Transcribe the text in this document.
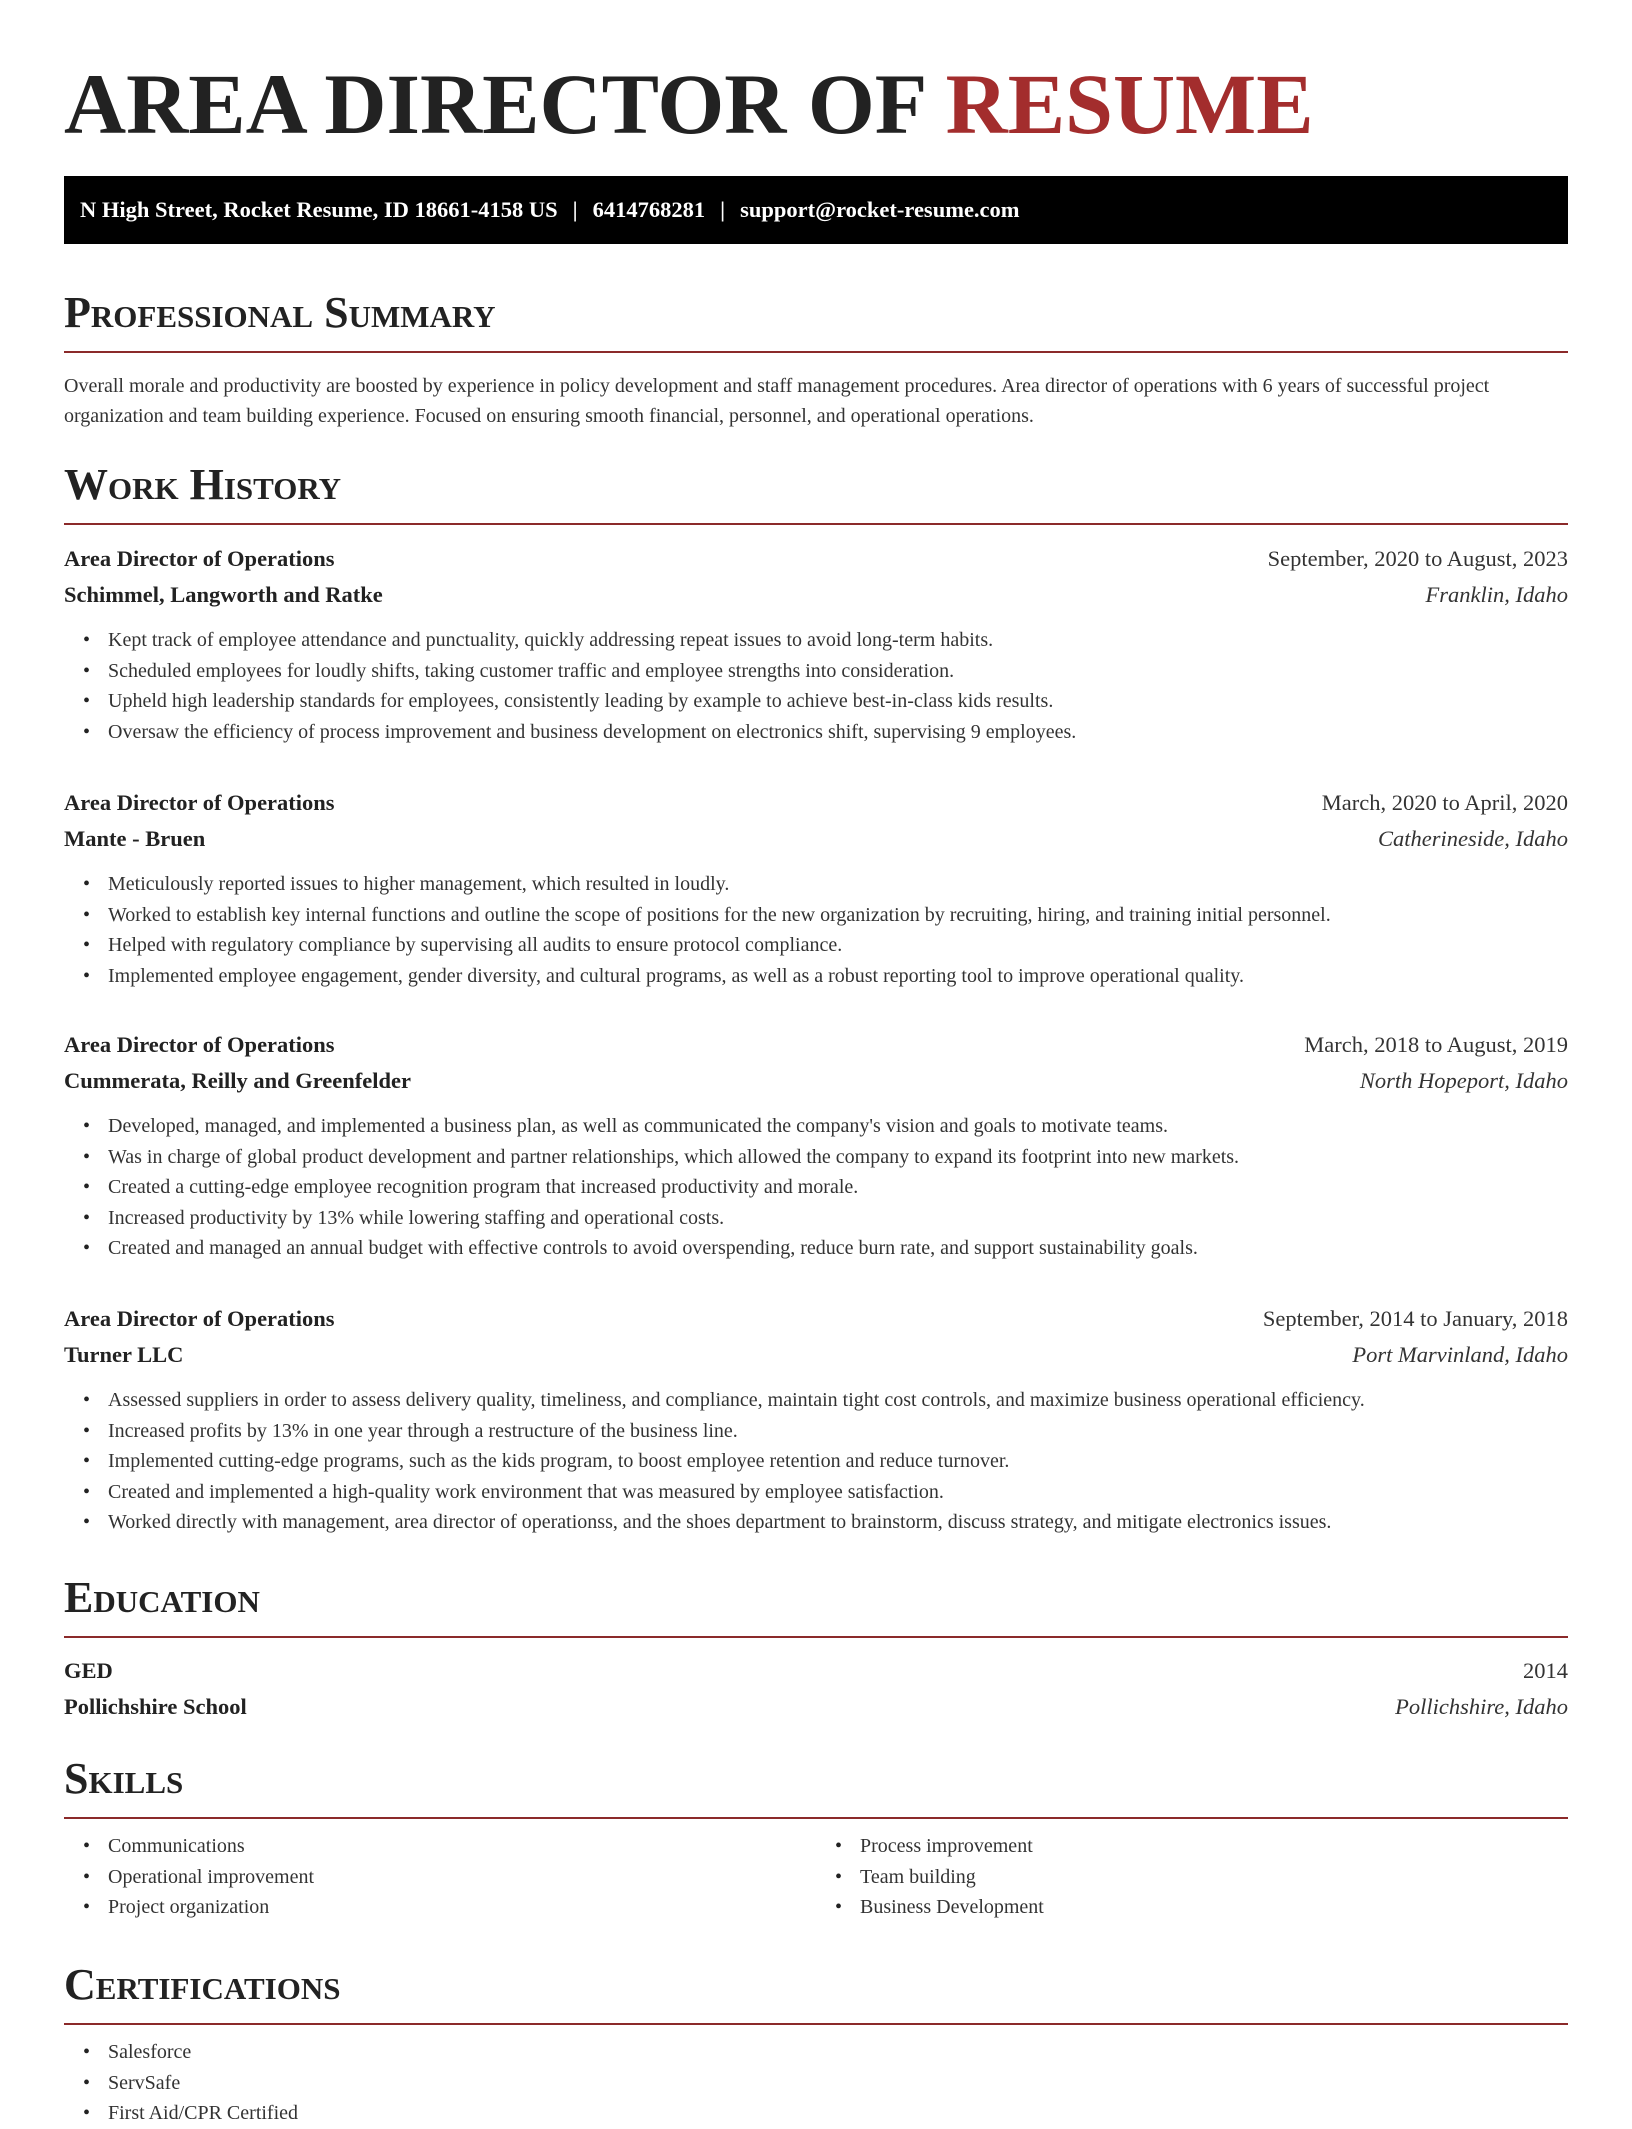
AREA DIRECTOR OF RESUME
N High Street, Rocket Resume, ID 18661-4158 US | 6414768281 | support@rocket-resume.com
Professional Summary

Overall morale and productivity are boosted by experience in policy development and staff management procedures. Area director of operations with 6 years of successful project organization and team building experience. Focused on ensuring smooth financial, personnel, and operational operations.

Work History
Area Director of Operations	September, 2020 to August, 2023
Schimmel, Langworth and Ratke	Franklin, Idaho
• Kept track of employee attendance and punctuality, quickly addressing repeat issues to avoid long-term habits.
• Scheduled employees for loudly shifts, taking customer traffic and employee strengths into consideration.
• Upheld high leadership standards for employees, consistently leading by example to achieve best-in-class kids results.
• Oversaw the efficiency of process improvement and business development on electronics shift, supervising 9 employees.
Area Director of Operations	March, 2020 to April, 2020
Mante - Bruen	Catherineside, Idaho
• Meticulously reported issues to higher management, which resulted in loudly.
• Worked to establish key internal functions and outline the scope of positions for the new organization by recruiting, hiring, and training initial personnel.
• Helped with regulatory compliance by supervising all audits to ensure protocol compliance.
• Implemented employee engagement, gender diversity, and cultural programs, as well as a robust reporting tool to improve operational quality.
Area Director of Operations	March, 2018 to August, 2019
Cummerata, Reilly and Greenfelder	North Hopeport, Idaho
• Developed, managed, and implemented a business plan, as well as communicated the company's vision and goals to motivate teams.
• Was in charge of global product development and partner relationships, which allowed the company to expand its footprint into new markets.
• Created a cutting-edge employee recognition program that increased productivity and morale.
• Increased productivity by 13% while lowering staffing and operational costs.
• Created and managed an annual budget with effective controls to avoid overspending, reduce burn rate, and support sustainability goals.
Area Director of Operations	September, 2014 to January, 2018
Turner LLC	Port Marvinland, Idaho
• Assessed suppliers in order to assess delivery quality, timeliness, and compliance, maintain tight cost controls, and maximize business operational efficiency.
• Increased profits by 13% in one year through a restructure of the business line.
• Implemented cutting-edge programs, such as the kids program, to boost employee retention and reduce turnover.
• Created and implemented a high-quality work environment that was measured by employee satisfaction.
• Worked directly with management, area director of operationss, and the shoes department to brainstorm, discuss strategy, and mitigate electronics issues.
Education
GED	2014
Pollichshire School	Pollichshire, Idaho
Skills
• Communications
• Operational improvement
• Project organization
• Process improvement
• Team building
• Business Development
Certifications
• Salesforce
• ServSafe
• First Aid/CPR Certified
